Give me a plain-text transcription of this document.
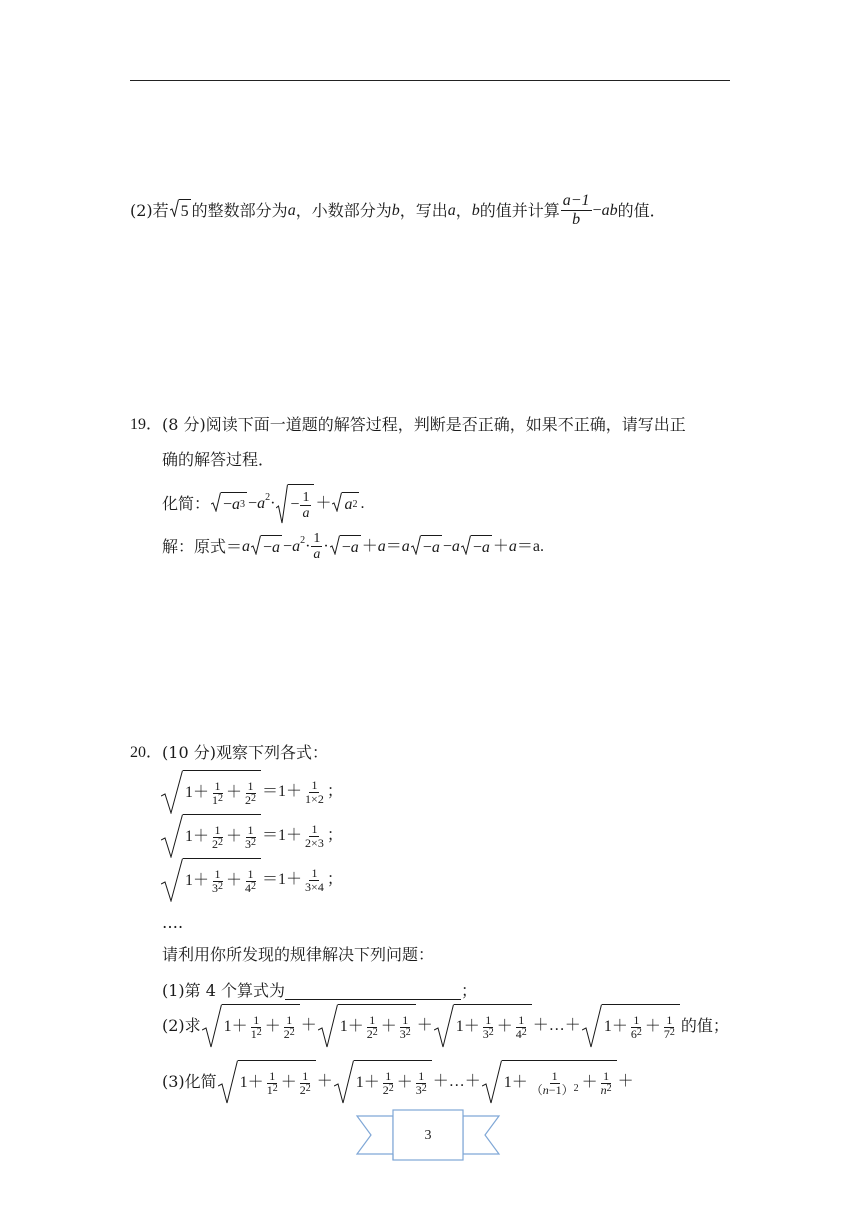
(2)若 5 的整数部分为 a ，小数部分为 b ，写出 a ， b 的值并计算 $\frac{a-1}{b}$ − ab 的值．
19． (8 分) 阅读下面一道题的解答过程，判断是否正确，如果不正确，请写出正
确的解答过程．
化简： − a $3 -a^2\cdot - \frac{1}{a} + a$ 2 .
解：原式＝ $a - a -a^2\cdot \frac{1}{a}$ · − a ＋a＝a − a −a − a ＋a ＝a.
20． (10 分) 观察下列各式：
$1+ \frac{1}{1^2} + \frac{1}{2^2} =1+ \frac{1}{1\times 2}$ ；
$1+ \frac{1}{2^2} + \frac{1}{3^2} =1+ \frac{1}{2\times 3}$ ；
$1+ \frac{1}{3^2} + \frac{1}{4^2} =1+ \frac{1}{3\times 4}$ ；
….
请利用你所发现的规律解决下列问题：
(1)第 4 个算式为	；
(2)求 $1+ \frac{1}{1^2} + \frac{1}{2^2} + 1+ \frac{1}{2^2} + \frac{1}{3^2} + 1+ \frac{1}{3^2} + \frac{1}{4^2}$ ＋…＋ $1+ \frac{1}{6^2} + \frac{1}{7^2}$ 的值；
(3)化简 $1+ \frac{1}{1^2} + \frac{1}{2^2} + 1+ \frac{1}{2^2} + \frac{1}{3^2}$ ＋…＋ $1+ \frac{1}{(n-1)^2} + \frac{1}{n^2}$ ＋
3
